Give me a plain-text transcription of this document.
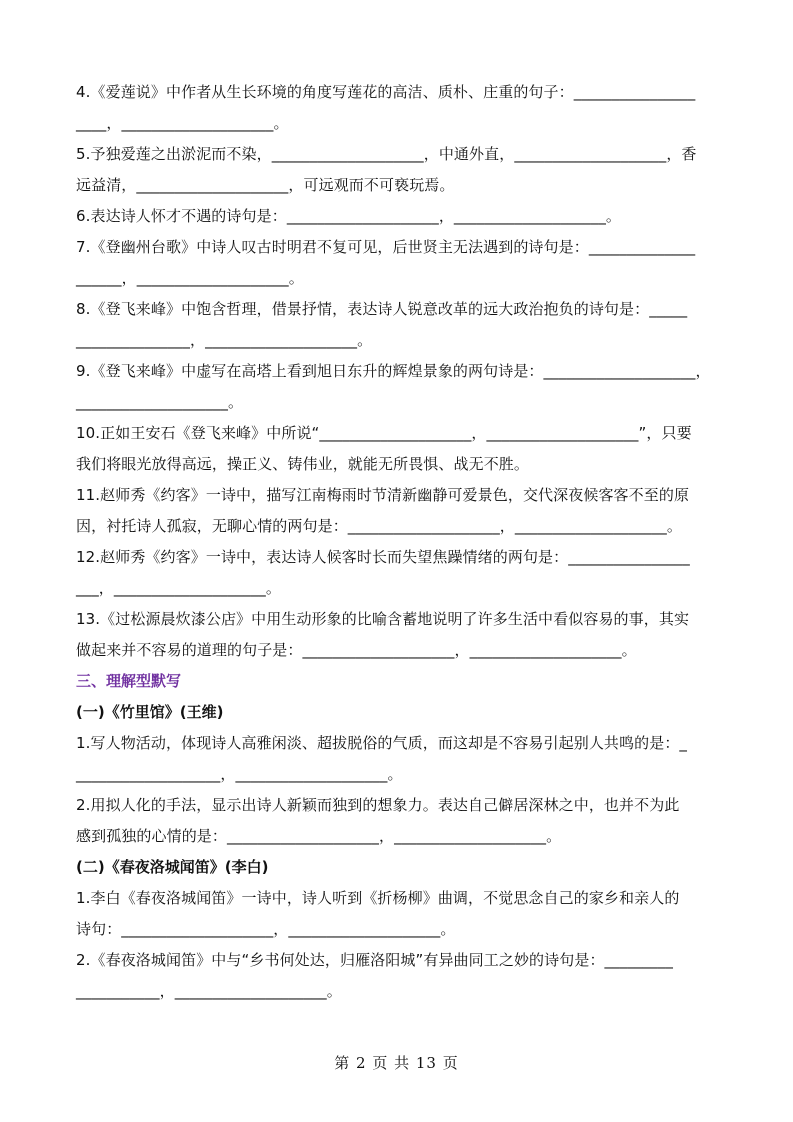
4.《爱莲说》中作者从生长环境的角度写莲花的高洁、质朴、庄重的句子：________________
____，____________________。

5.予独爱莲之出淤泥而不染，____________________，中通外直，____________________，香
远益清，____________________，可远观而不可亵玩焉。

6.表达诗人怀才不遇的诗句是：____________________，____________________。

7.《登幽州台歌》中诗人叹古时明君不复可见，后世贤主无法遇到的诗句是：______________
______，____________________。

8.《登飞来峰》中饱含哲理，借景抒情，表达诗人锐意改革的远大政治抱负的诗句是：_____
_______________，____________________。

9.《登飞来峰》中虚写在高塔上看到旭日东升的辉煌景象的两句诗是：____________________，
____________________。

10.正如王安石《登飞来峰》中所说“____________________，____________________”，只要
我们将眼光放得高远，操正义、铸伟业，就能无所畏惧、战无不胜。

11.赵师秀《约客》一诗中，描写江南梅雨时节清新幽静可爱景色，交代深夜候客客不至的原
因，衬托诗人孤寂，无聊心情的两句是：____________________，____________________。

12.赵师秀《约客》一诗中，表达诗人候客时长而失望焦躁情绪的两句是：________________
___，____________________。

13.《过松源晨炊漆公店》中用生动形象的比喻含蓄地说明了许多生活中看似容易的事，其实
做起来并不容易的道理的句子是：____________________，____________________。

三、理解型默写

(一)《竹里馆》(王维)

1.写人物活动，体现诗人高雅闲淡、超拔脱俗的气质，而这却是不容易引起别人共鸣的是：_
___________________，____________________。

2.用拟人化的手法，显示出诗人新颖而独到的想象力。表达自己僻居深林之中，也并不为此
感到孤独的心情的是：____________________，____________________。

(二)《春夜洛城闻笛》(李白)

1.李白《春夜洛城闻笛》一诗中，诗人听到《折杨柳》曲调，不觉思念自己的家乡和亲人的
诗句：____________________，____________________。

2.《春夜洛城闻笛》中与“乡书何处达，归雁洛阳城”有异曲同工之妙的诗句是：_________
___________，____________________。

第 2 页 共 13 页
